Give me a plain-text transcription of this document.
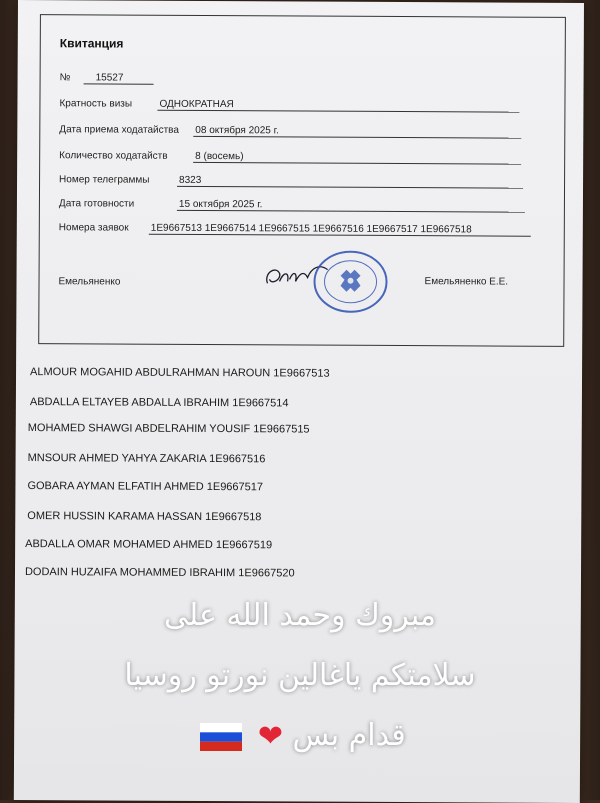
Квитанция
№	15527
Кратность визы	ОДНОКРАТНАЯ
Дата приема ходатайства 08 октября 2025 г.
Количество ходатайств	8 (восемь)
Номер телеграммы	8323
Дата готовности	15 октября 2025 г.
Номера заявок 1E9667513 1E9667514 1E9667515 1E9667516 1E9667517 1E9667518
Емельяненко	Емельяненко Е.Е.
ALMOUR MOGAHID ABDULRAHMAN HAROUN 1E9667513
ABDALLA ELTAYEB ABDALLA IBRAHIM 1E9667514
MOHAMED SHAWGI ABDELRAHIM YOUSIF 1E9667515
MNSOUR AHMED YAHYA ZAKARIA 1E9667516
GOBARA AYMAN ELFATIH AHMED 1E9667517
OMER HUSSIN KARAMA HASSAN 1E9667518
ABDALLA OMAR MOHAMED AHMED 1E9667519
DODAIN HUZAIFA MOHAMMED IBRAHIM 1E9667520
مبروك وحمد الله على
سلامتكم ياغالين نورتو روسيا
قدام بس ❤
